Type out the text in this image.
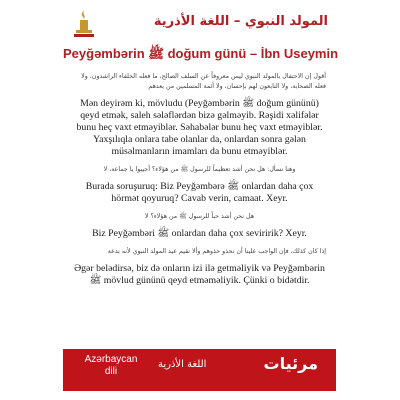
المولد النبوي – اللغة الأذرية
Peyğəmbərin ﷺ doğum günü – İbn Useymin

أقول إن الاحتفال بالمولد النبوي ليس معروفاً عن السلف الصالح، ما فعله الخلفاء الراشدون، ولا فعله الصحابة، ولا التابعون لهم بإحسان، ولا أئمة المسلمين من بعدهم

Mən deyirəm ki, mövludu (Peyğəmbərin ﷺ doğum gününü) qeyd etmək, saleh sələflərdən bizə gəlməyib. Rəşidi xəlifələr bunu heç vaxt etməyiblər. Səhabələr bunu heç vaxt etməyiblər. Yaxşılıqla onlara tabe olanlar da, onlardan sonra gələn müsəlmanların imamları da bunu etməyiblər.

وهنا نسأل: هل نحن أشد تعظيماً للرسول ﷺ من هؤلاء؟ أجيبوا يا جماعة، لا

Burada soruşuruq: Biz Peyğəmbərə ﷺ onlardan daha çox hörmət qoyuruq? Cavab verin, camaat. Xeyr.

هل نحن أشد حباً للرسول ﷺ من هؤلاء؟ لا

Biz Peyğəmbəri ﷺ onlardan daha çox seviririk? Xeyr.

إذا كان كذلك، فإن الواجب علينا أن نحذو حذوهم وألا نقيم عيد المولد النبوي لأنه بدعة

Əgər belədirsə, biz də onların izi ilə getməliyik və Peyğəmbərin ﷺ mövlud gününü qeyd etməməliyik. Çünki o bidətdir.

Azərbaycan
dili
اللغة الأذرية	مرئيات
